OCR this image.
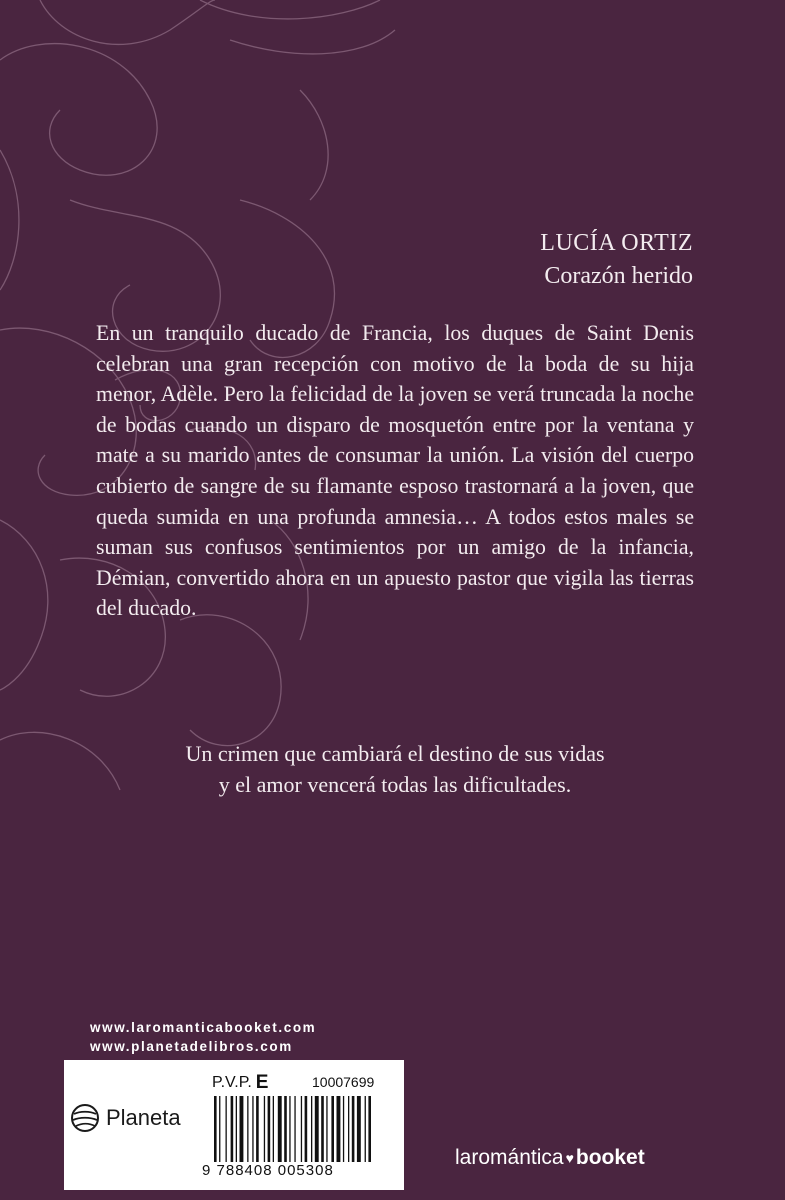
LUCÍA ORTIZ
Corazón herido

En un tranquilo ducado de Francia, los duques de Saint Denis celebran una gran recepción con motivo de la boda de su hija menor, Adèle. Pero la felicidad de la joven se verá truncada la noche de bodas cuando un disparo de mosquetón entre por la ventana y mate a su marido antes de consumar la unión. La visión del cuerpo cubierto de sangre de su flamante esposo trastornará a la joven, que queda sumida en una profunda amnesia… A todos estos males se suman sus confusos sentimientos por un amigo de la infancia, Démian, convertido ahora en un apuesto pastor que vigila las tierras del ducado.

Un crimen que cambiará el destino de sus vidas
y el amor vencerá todas las dificultades.
www.laromanticabooket.com
www.planetadelibros.com
Planeta
P.V.P. E	10007699
9 788408 005308
laromántica ♥ booket
